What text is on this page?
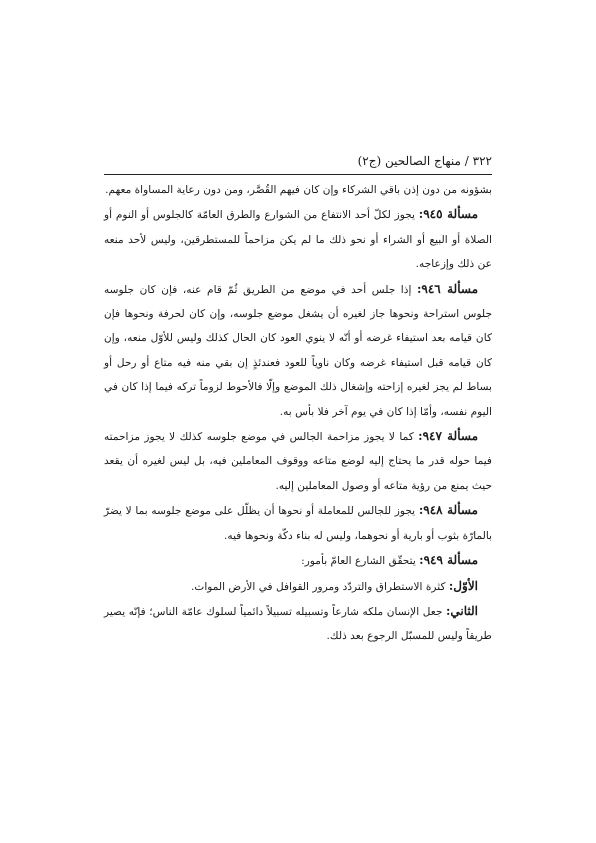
٣٢٢ / منهاج الصالحين (ج٢)

بشؤونه من دون إذن باقي الشركاء وإن كان فيهم القُصَّر، ومن دون رعاية المساواة معهم.

مسألة ٩٤٥: يجوز لكلّ أحد الانتفاع من الشوارع والطرق العامّة كالجلوس أو النوم أو الصلاة أو البيع أو الشراء أو نحو ذلك ما لم يكن مزاحماً للمستطرقين، وليس لأحد منعه عن ذلك وإزعاجه.

مسألة ٩٤٦: إذا جلس أحد في موضع من الطريق ثُمّ قام عنه، فإن كان جلوسه جلوس استراحة ونحوها جاز لغيره أن يشغل موضع جلوسه، وإن كان لحرفة ونحوها فإن كان قيامه بعد استيفاء غرضه أو أنّه لا ينوي العود كان الحال كذلك وليس للأوّل منعه، وإن كان قيامه قبل استيفاء غرضه وكان ناوياً للعود فعندئذٍ إن بقي منه فيه متاع أو رحل أو بساط لم يجز لغيره إزاحته وإشغال ذلك الموضع وإلّا فالأحوط لزوماً تركه فيما إذا كان في اليوم نفسه، وأمّا إذا كان في يوم آخر فلا بأس به.

مسألة ٩٤٧: كما لا يجوز مزاحمة الجالس في موضع جلوسه كذلك لا يجوز مزاحمته فيما حوله قدر ما يحتاج إليه لوضع متاعه ووقوف المعاملين فيه، بل ليس لغيره أن يقعد حيث يمنع من رؤية متاعه أو وصول المعاملين إليه.

مسألة ٩٤٨: يجوز للجالس للمعاملة أو نحوها أن يظلّل على موضع جلوسه بما لا يضرّ بالمارّة بثوب أو بارية أو نحوهما، وليس له بناء دكّة ونحوها فيه.

مسألة ٩٤٩: يتحقّق الشارع العامّ بأمور:

الأوّل: كثرة الاستطراق والتردّد ومرور القوافل في الأرض الموات.

الثاني: جعل الإنسان ملكه شارعاً وتسبيله تسبيلاً دائمياً لسلوك عامّة الناس؛ فإنّه يصير طريقاً وليس للمسبّل الرجوع بعد ذلك.
